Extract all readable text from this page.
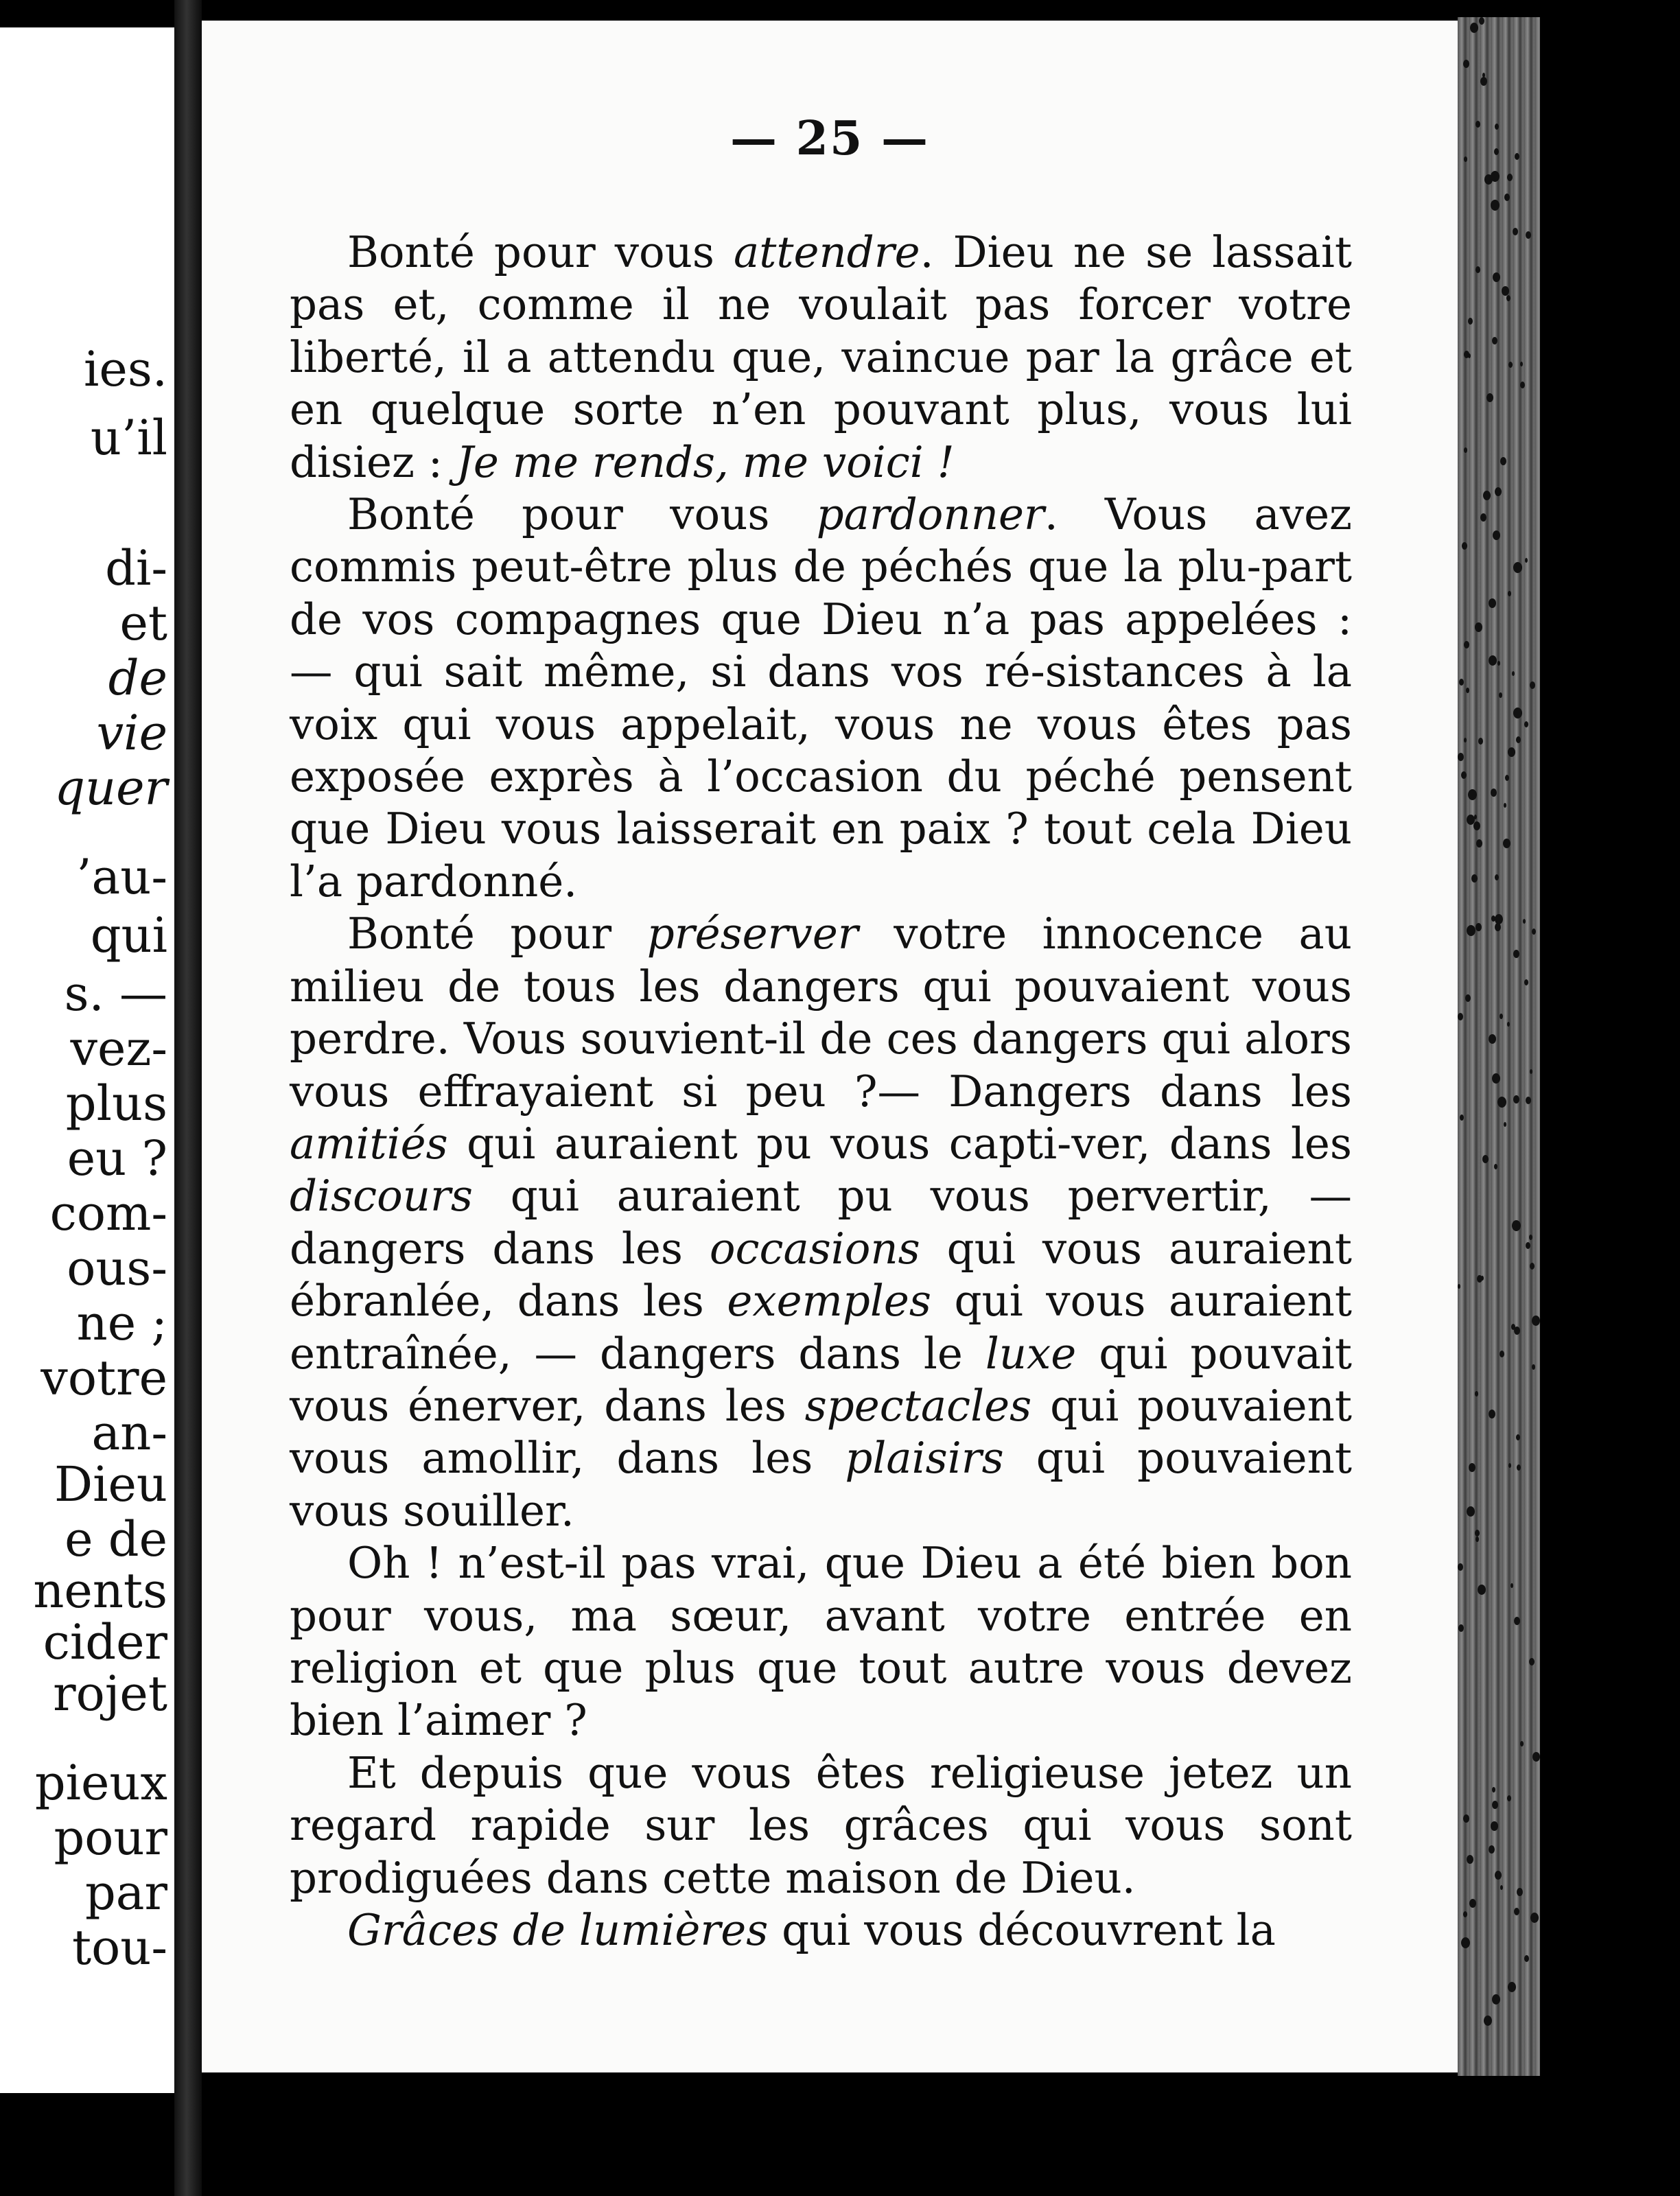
ies.
u’il
di-
et
de
vie
quer
’au-
qui
s. —
vez-
plus
eu ?
com-
ous-
ne ;
votre
an-
Dieu
e de
nents
cider
rojet
pieux
pour
par
tou-
— 25 —

Bonté pour vous attendre. Dieu ne se lassait pas et, comme il ne voulait pas forcer votre liberté, il a attendu que, vaincue par la grâce et en quelque sorte n’en pouvant plus, vous lui disiez : Je me rends, me voici !

Bonté pour vous pardonner. Vous avez commis peut-être plus de péchés que la plu-part de vos compagnes que Dieu n’a pas appelées : — qui sait même, si dans vos ré-sistances à la voix qui vous appelait, vous ne vous êtes pas exposée exprès à l’occasion du péché pensent que Dieu vous laisserait en paix ? tout cela Dieu l’a pardonné.

Bonté pour préserver votre innocence au milieu de tous les dangers qui pouvaient vous perdre. Vous souvient-il de ces dangers qui alors vous effrayaient si peu ?— Dangers dans les amitiés qui auraient pu vous capti-ver, dans les discours qui auraient pu vous pervertir, — dangers dans les occasions qui vous auraient ébranlée, dans les exemples qui vous auraient entraînée, — dangers dans le luxe qui pouvait vous énerver, dans les spectacles qui pouvaient vous amollir, dans les plaisirs qui pouvaient vous souiller.

Oh ! n’est-il pas vrai, que Dieu a été bien bon pour vous, ma sœur, avant votre entrée en religion et que plus que tout autre vous devez bien l’aimer ?

Et depuis que vous êtes religieuse jetez un regard rapide sur les grâces qui vous sont prodiguées dans cette maison de Dieu.

Grâces de lumières qui vous découvrent la
